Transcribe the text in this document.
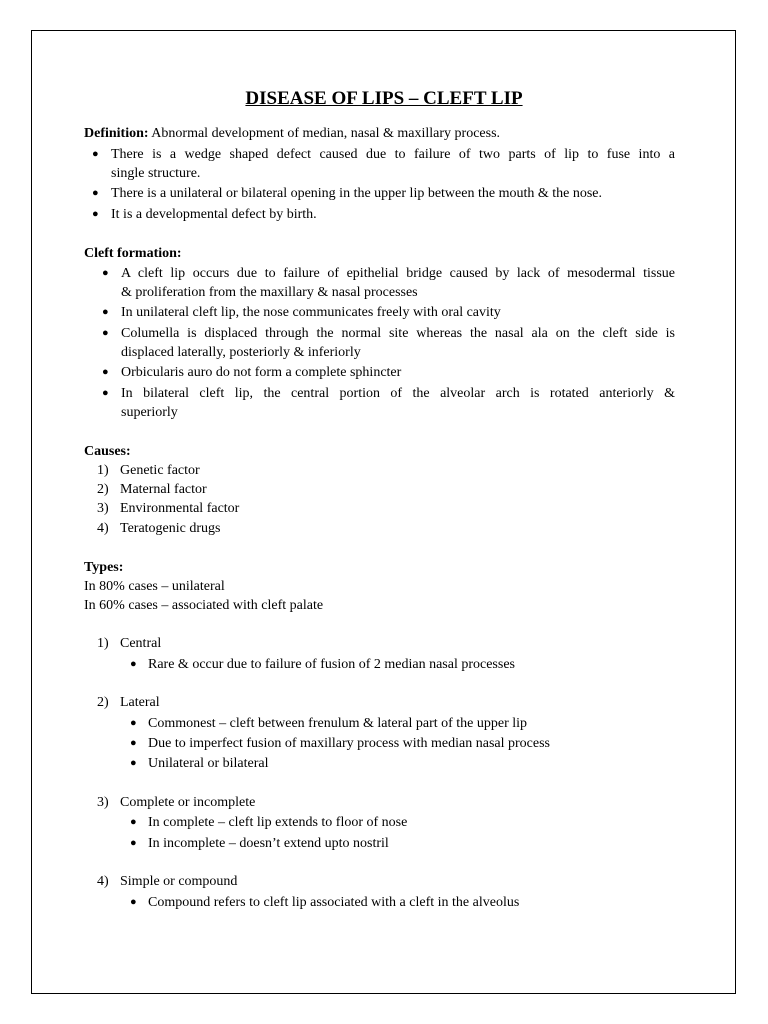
DISEASE OF LIPS – CLEFT LIP
Definition: Abnormal development of median, nasal & maxillary process.
● There is a wedge shaped defect caused due to failure of two parts of lip to fuse into a
single structure.
● There is a unilateral or bilateral opening in the upper lip between the mouth & the nose.
● It is a developmental defect by birth.
Cleft formation:
● A cleft lip occurs due to failure of epithelial bridge caused by lack of mesodermal tissue
& proliferation from the maxillary & nasal processes
● In unilateral cleft lip, the nose communicates freely with oral cavity
● Columella is displaced through the normal site whereas the nasal ala on the cleft side is
displaced laterally, posteriorly & inferiorly
● Orbicularis auro do not form a complete sphincter
● In bilateral cleft lip, the central portion of the alveolar arch is rotated anteriorly &
superiorly
Causes:
1) Genetic factor
2) Maternal factor
3) Environmental factor
4) Teratogenic drugs
Types:
In 80% cases – unilateral
In 60% cases – associated with cleft palate
1) Central
● Rare & occur due to failure of fusion of 2 median nasal processes
2) Lateral
● Commonest – cleft between frenulum & lateral part of the upper lip
● Due to imperfect fusion of maxillary process with median nasal process
● Unilateral or bilateral
3) Complete or incomplete
● In complete – cleft lip extends to floor of nose
● In incomplete – doesn’t extend upto nostril
4) Simple or compound
● Compound refers to cleft lip associated with a cleft in the alveolus
